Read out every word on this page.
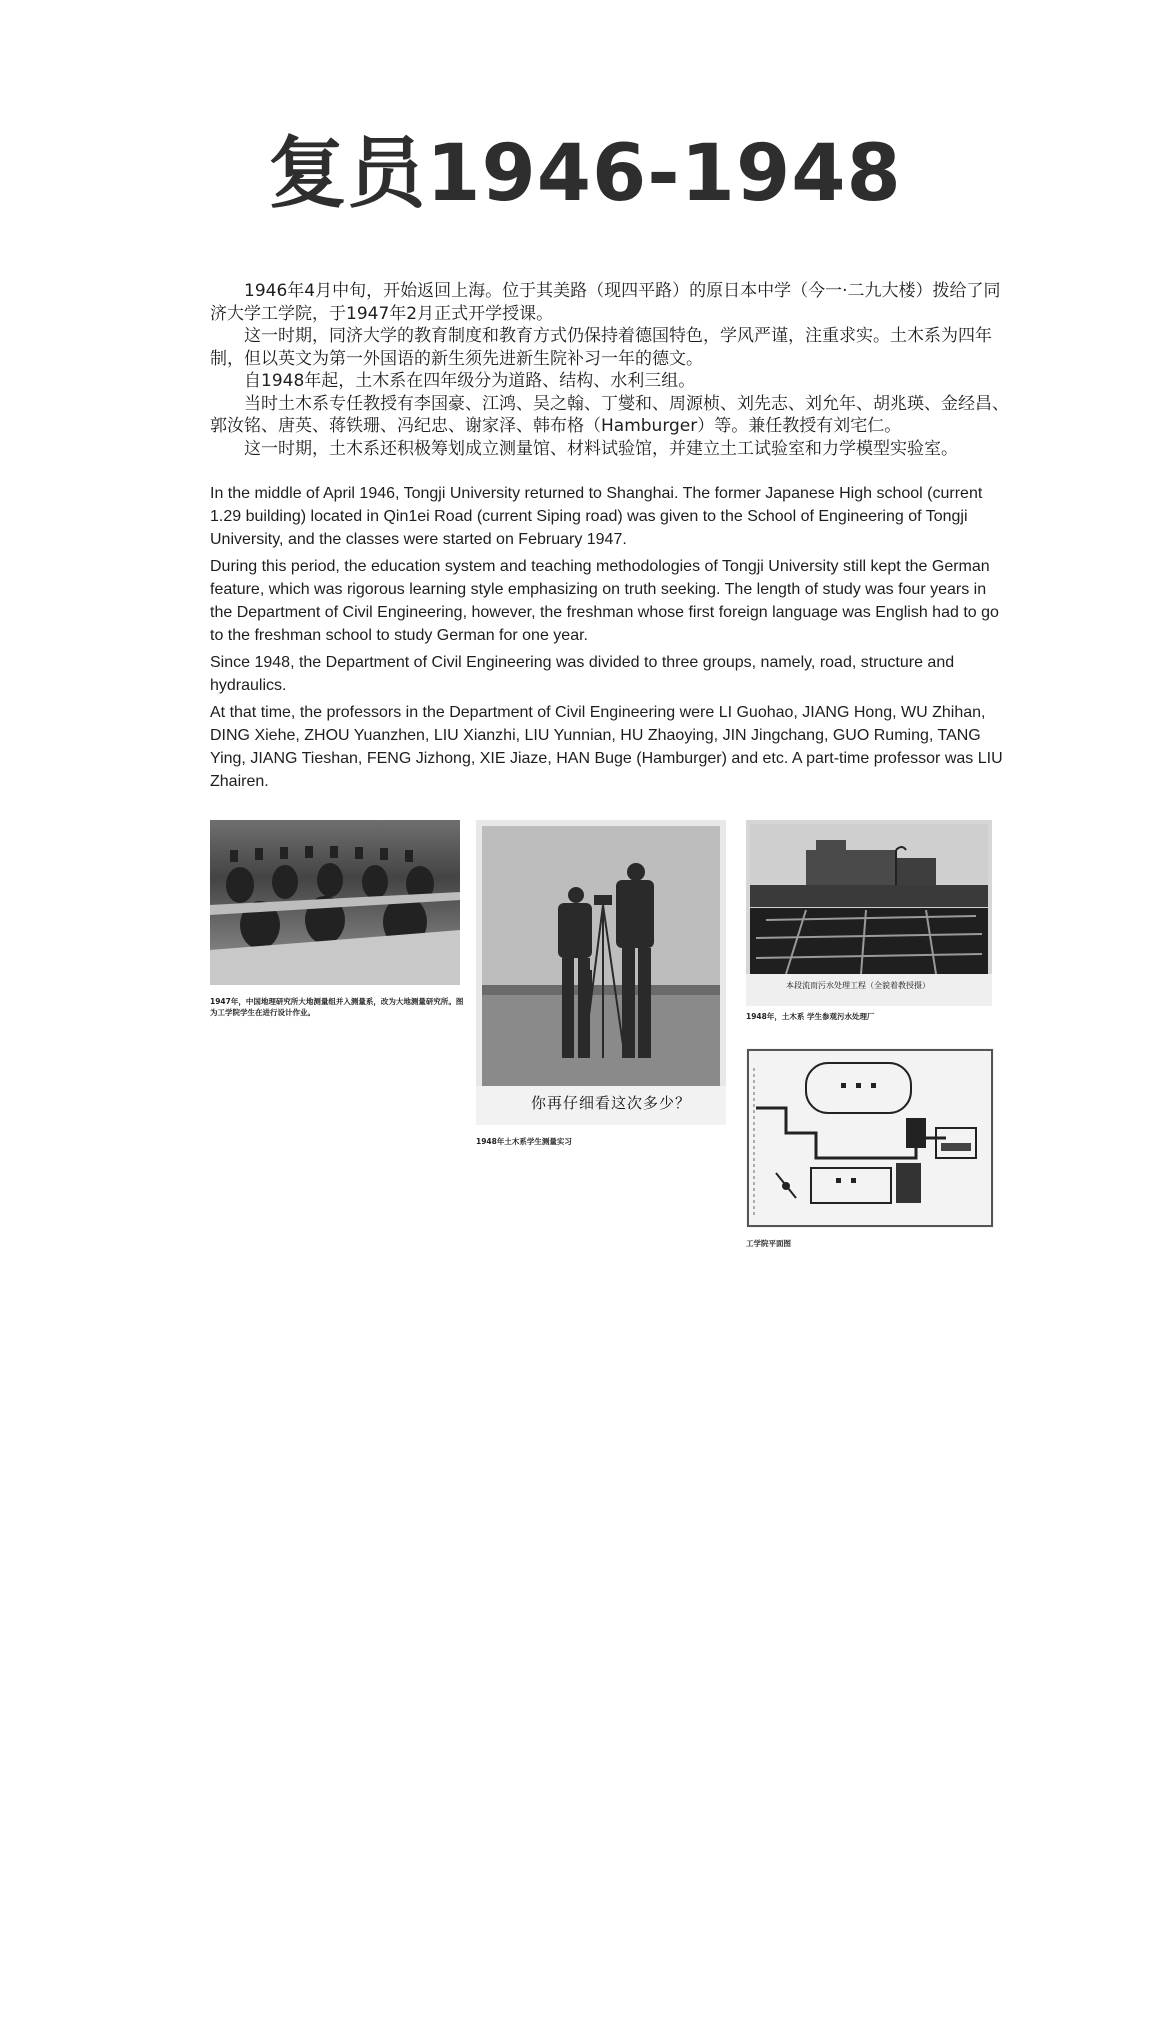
复员1946-1948

1946年4月中旬，开始返回上海。位于其美路（现四平路）的原日本中学（今一·二九大楼）拨给了同济大学工学院，于1947年2月正式开学授课。

这一时期，同济大学的教育制度和教育方式仍保持着德国特色，学风严谨，注重求实。土木系为四年制，但以英文为第一外国语的新生须先进新生院补习一年的德文。

自1948年起，土木系在四年级分为道路、结构、水利三组。

当时土木系专任教授有李国豪、江鸿、吴之翰、丁燮和、周源桢、刘先志、刘允年、胡兆瑛、金经昌、郭汝铭、唐英、蒋铁珊、冯纪忠、谢家泽、韩布格（Hamburger）等。兼任教授有刘宅仁。

这一时期，土木系还积极筹划成立测量馆、材料试验馆，并建立土工试验室和力学模型实验室。

In the middle of April 1946, Tongji University returned to Shanghai. The former Japanese High school (current 1.29 building) located in Qin1ei Road (current Siping road) was given to the School of Engineering of Tongji University, and the classes were started on February 1947.

During this period, the education system and teaching methodologies of Tongji University still kept the German feature, which was rigorous learning style emphasizing on truth seeking. The length of study was four years in the Department of Civil Engineering, however, the freshman whose first foreign language was English had to go to the freshman school to study German for one year.

Since 1948, the Department of Civil Engineering was divided to three groups, namely, road, structure and hydraulics.

At that time, the professors in the Department of Civil Engineering were LI Guohao, JIANG Hong, WU Zhihan, DING Xiehe, ZHOU Yuanzhen, LIU Xianzhi, LIU Yunnian, HU Zhaoying, JIN Jingchang, GUO Ruming, TANG Ying, JIANG Tieshan, FENG Jizhong, XIE Jiaze, HAN Buge (Hamburger) and etc. A part-time professor was LIU Zhairen.

1947年，中国地理研究所大地测量组并入测量系，改为大地测量研究所。图为工学院学生在进行设计作业。
你再仔细看这次多少？
1948年土木系学生测量实习
本段流而污水处理工程（全貌着教授摄）
1948年，土木系 学生参观污水处理厂
工学院平面图
